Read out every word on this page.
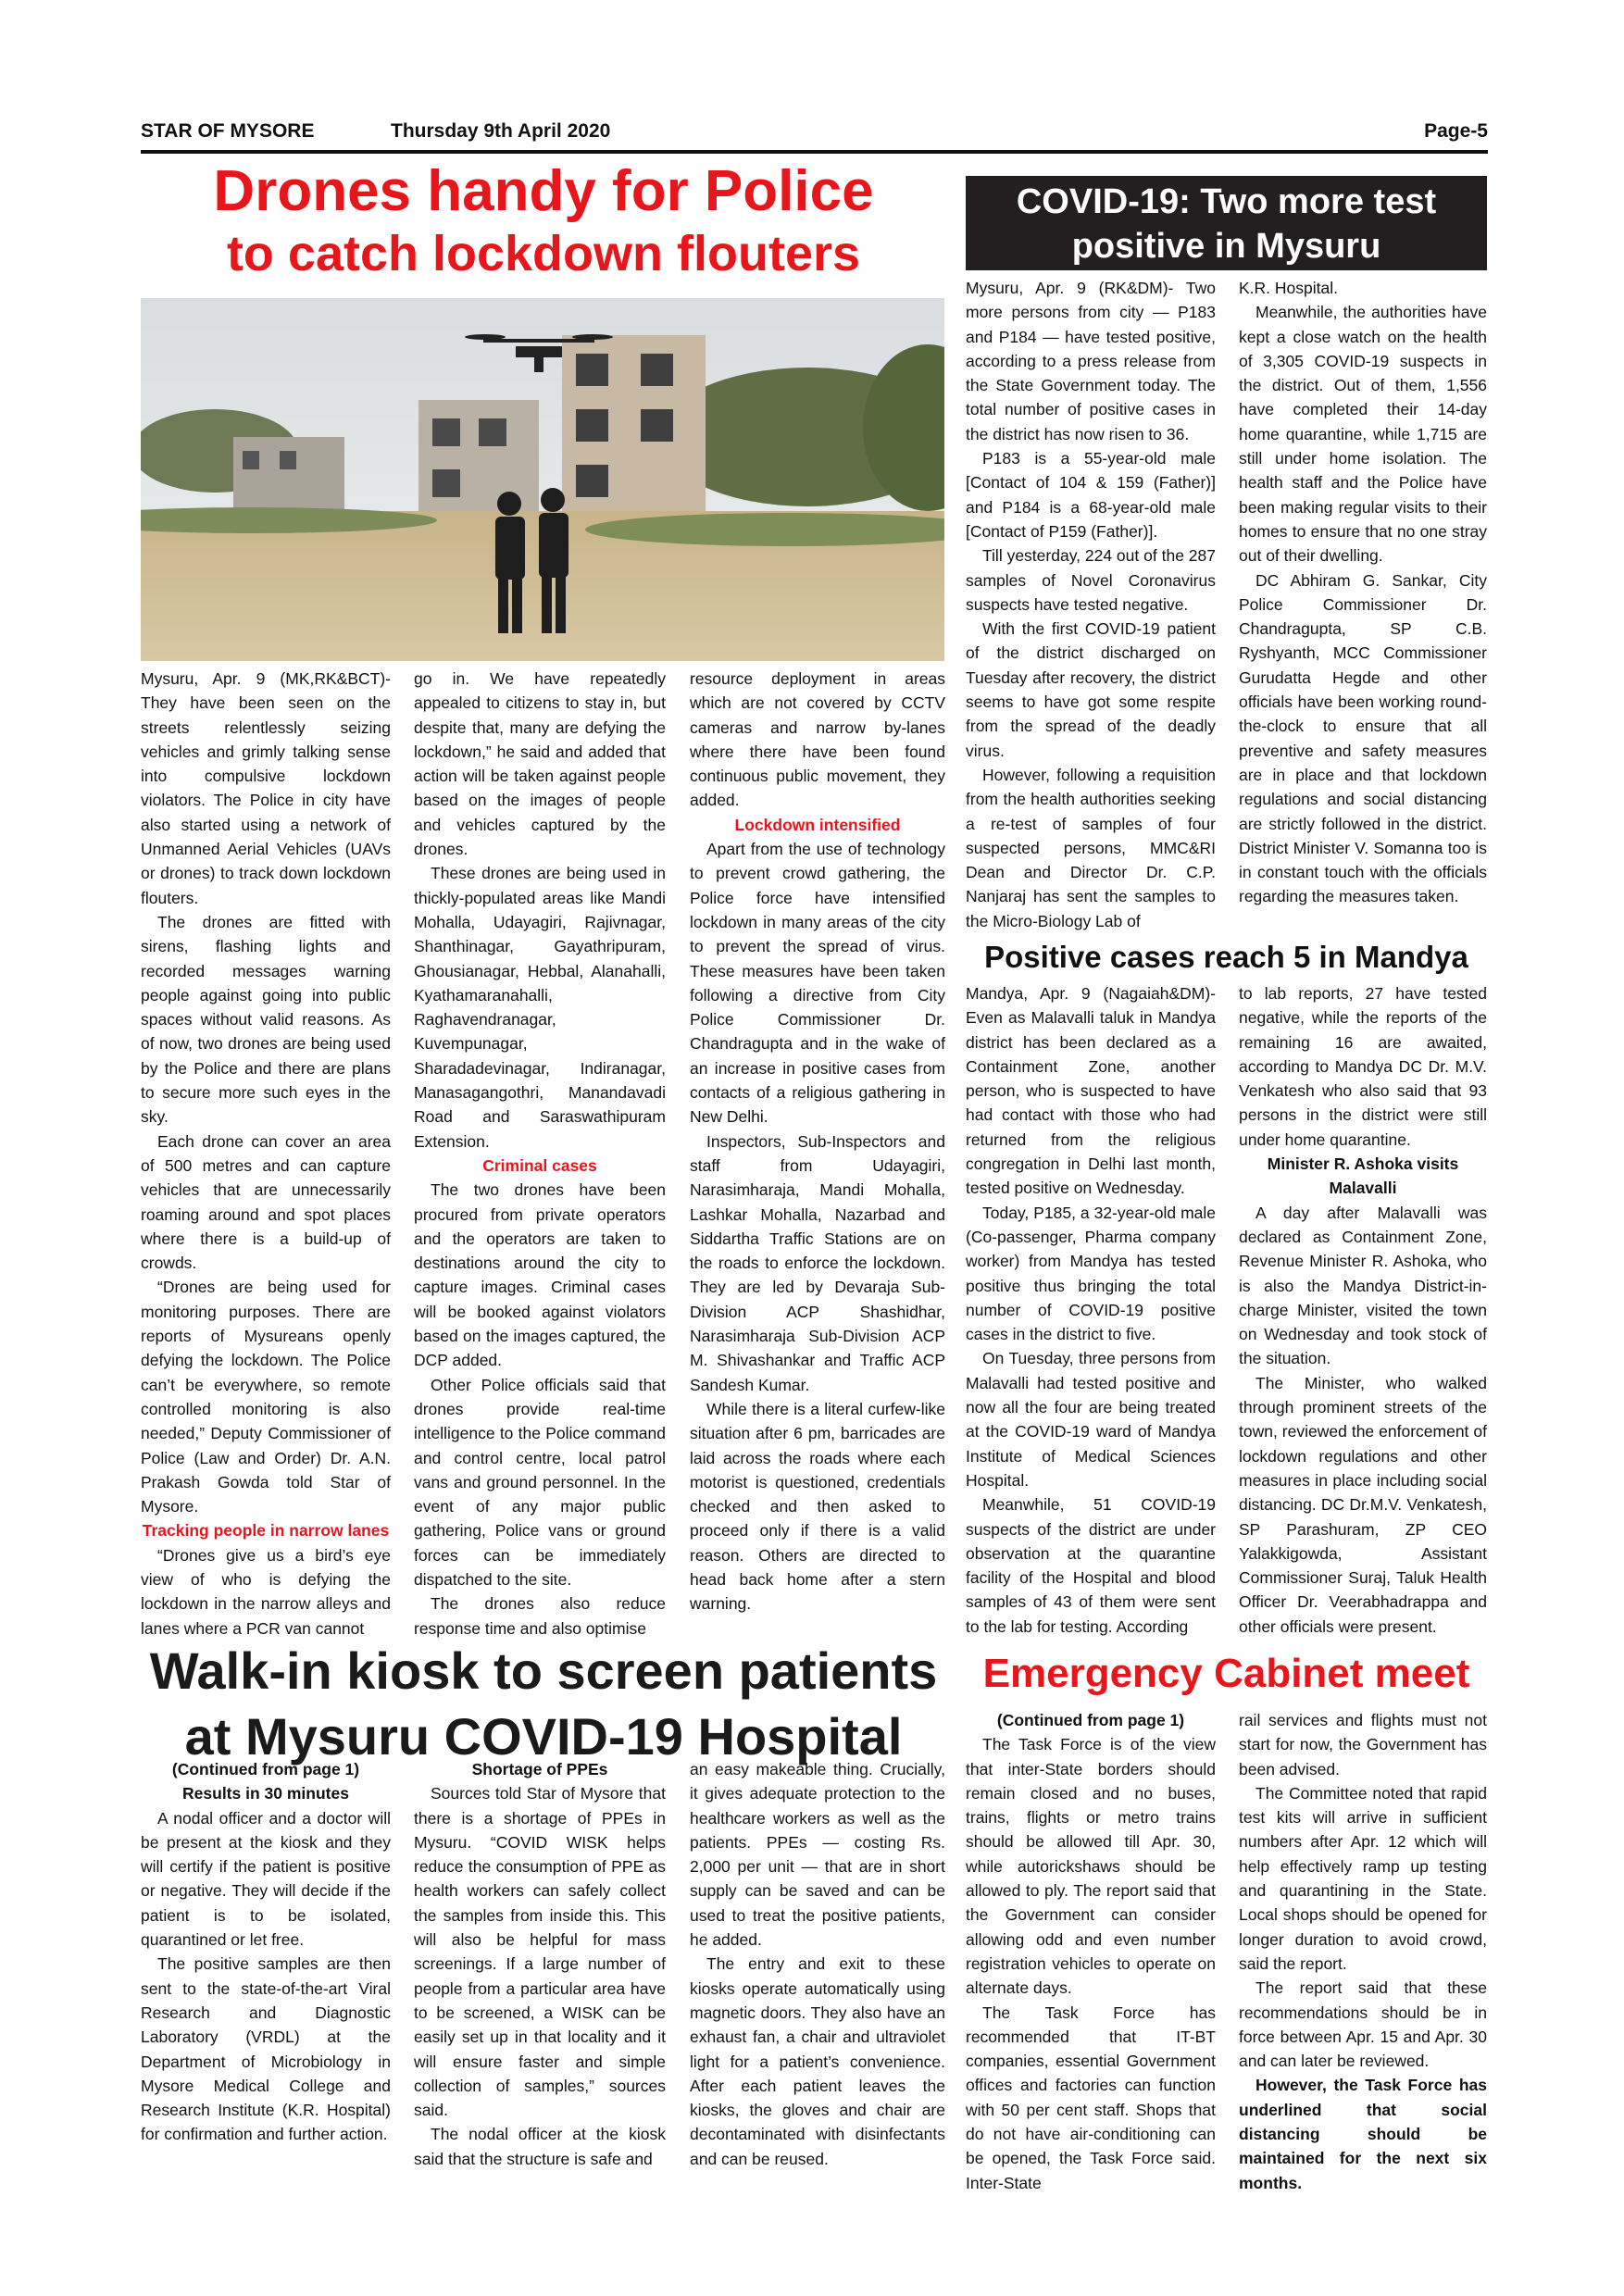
STAR OF MYSORE	Thursday 9th April 2020	Page-5
Drones handy for Police
to catch lockdown flouters
COVID-19: Two more test
positive in Mysuru

Mysuru, Apr. 9 (MK,RK&BCT)- They have been seen on the streets relentlessly seizing vehicles and grimly talking sense into compulsive lockdown violators. The Police in city have also started using a network of Unmanned Aerial Vehicles (UAVs or drones) to track down lockdown flouters.

The drones are fitted with sirens, flashing lights and recorded messages warning people against going into public spaces without valid reasons. As of now, two drones are being used by the Police and there are plans to secure more such eyes in the sky.

Each drone can cover an area of 500 metres and can capture vehicles that are unnecessarily roaming around and spot places where there is a build-up of crowds.

“Drones are being used for monitoring purposes. There are reports of Mysureans openly defying the lockdown. The Police can’t be everywhere, so remote controlled monitoring is also needed,” Deputy Commissioner of Police (Law and Order) Dr. A.N. Prakash Gowda told Star of Mysore.

Tracking people in narrow lanes

“Drones give us a bird’s eye view of who is defying the lockdown in the narrow alleys and lanes where a PCR van cannot

go in. We have repeatedly appealed to citizens to stay in, but despite that, many are defying the lockdown,” he said and added that action will be taken against people based on the images of people and vehicles captured by the drones.

These drones are being used in thickly-populated areas like Mandi Mohalla, Udayagiri, Rajivnagar, Shanthinagar, Gayathripuram, Ghousianagar, Hebbal, Alanahalli, Kyathamaranahalli, Raghavendranagar, Kuvempunagar, Sharadadevinagar, Indiranagar, Manasagangothri, Manandavadi Road and Saraswathipuram Extension.

Criminal cases

The two drones have been procured from private operators and the operators are taken to destinations around the city to capture images. Criminal cases will be booked against violators based on the images captured, the DCP added.

Other Police officials said that drones provide real-time intelligence to the Police command and control centre, local patrol vans and ground personnel. In the event of any major public gathering, Police vans or ground forces can be immediately dispatched to the site.

The drones also reduce response time and also optimise

resource deployment in areas which are not covered by CCTV cameras and narrow by-lanes where there have been found continuous public movement, they added.

Lockdown intensified

Apart from the use of technology to prevent crowd gathering, the Police force have intensified lockdown in many areas of the city to prevent the spread of virus. These measures have been taken following a directive from City Police Commissioner Dr. Chandragupta and in the wake of an increase in positive cases from contacts of a religious gathering in New Delhi.

Inspectors, Sub-Inspectors and staff from Udayagiri, Narasimharaja, Mandi Mohalla, Lashkar Mohalla, Nazarbad and Siddartha Traffic Stations are on the roads to enforce the lockdown. They are led by Devaraja Sub-Division ACP Shashidhar, Narasimharaja Sub-Division ACP M. Shivashankar and Traffic ACP Sandesh Kumar.

While there is a literal curfew-like situation after 6 pm, barricades are laid across the roads where each motorist is questioned, credentials checked and then asked to proceed only if there is a valid reason. Others are directed to head back home after a stern warning.

Mysuru, Apr. 9 (RK&DM)- Two more persons from city — P183 and P184 — have tested positive, according to a press release from the State Government today. The total number of positive cases in the district has now risen to 36.

P183 is a 55-year-old male [Contact of 104 & 159 (Father)] and P184 is a 68-year-old male [Contact of P159 (Father)].

Till yesterday, 224 out of the 287 samples of Novel Coronavirus suspects have tested negative.

With the first COVID-19 patient of the district discharged on Tuesday after recovery, the district seems to have got some respite from the spread of the deadly virus.

However, following a requisition from the health authorities seeking a re-test of samples of four suspected persons, MMC&RI Dean and Director Dr. C.P. Nanjaraj has sent the samples to the Micro-Biology Lab of

K.R. Hospital.

Meanwhile, the authorities have kept a close watch on the health of 3,305 COVID-19 suspects in the district. Out of them, 1,556 have completed their 14-day home quarantine, while 1,715 are still under home isolation. The health staff and the Police have been making regular visits to their homes to ensure that no one stray out of their dwelling.

DC Abhiram G. Sankar, City Police Commissioner Dr. Chandragupta, SP C.B. Ryshyanth, MCC Commissioner Gurudatta Hegde and other officials have been working round-the-clock to ensure that all preventive and safety measures are in place and that lockdown regulations and social distancing are strictly followed in the district. District Minister V. Somanna too is in constant touch with the officials regarding the measures taken.

Positive cases reach 5 in Mandya

Mandya, Apr. 9 (Nagaiah&DM)- Even as Malavalli taluk in Mandya district has been declared as a Containment Zone, another person, who is suspected to have had contact with those who had returned from the religious congregation in Delhi last month, tested positive on Wednesday.

Today, P185, a 32-year-old male (Co-passenger, Pharma company worker) from Mandya has tested positive thus bringing the total number of COVID-19 positive cases in the district to five.

On Tuesday, three persons from Malavalli had tested positive and now all the four are being treated at the COVID-19 ward of Mandya Institute of Medical Sciences Hospital.

Meanwhile, 51 COVID-19 suspects of the district are under observation at the quarantine facility of the Hospital and blood samples of 43 of them were sent to the lab for testing. According

to lab reports, 27 have tested negative, while the reports of the remaining 16 are awaited, according to Mandya DC Dr. M.V. Venkatesh who also said that 93 persons in the district were still under home quarantine.

Minister R. Ashoka visits Malavalli

A day after Malavalli was declared as Containment Zone, Revenue Minister R. Ashoka, who is also the Mandya District-in-charge Minister, visited the town on Wednesday and took stock of the situation.

The Minister, who walked through prominent streets of the town, reviewed the enforcement of lockdown regulations and other measures in place including social distancing. DC Dr.M.V. Venkatesh, SP Parashuram, ZP CEO Yalakkigowda, Assistant Commissioner Suraj, Taluk Health Officer Dr. Veerabhadrappa and other officials were present.

Walk-in kiosk to screen patients
at Mysuru COVID-19 Hospital
(Continued from page 1)
Results in 30 minutes

A nodal officer and a doctor will be present at the kiosk and they will certify if the patient is positive or negative. They will decide if the patient is to be isolated, quarantined or let free.

The positive samples are then sent to the state-of-the-art Viral Research and Diagnostic Laboratory (VRDL) at the Department of Microbiology in Mysore Medical College and Research Institute (K.R. Hospital) for confirmation and further action.

Shortage of PPEs

Sources told Star of Mysore that there is a shortage of PPEs in Mysuru. “COVID WISK helps reduce the consumption of PPE as health workers can safely collect the samples from inside this. This will also be helpful for mass screenings. If a large number of people from a particular area have to be screened, a WISK can be easily set up in that locality and it will ensure faster and simple collection of samples,” sources said.

The nodal officer at the kiosk said that the structure is safe and

an easy makeable thing. Crucially, it gives adequate protection to the healthcare workers as well as the patients. PPEs — costing Rs. 2,000 per unit — that are in short supply can be saved and can be used to treat the positive patients, he added.

The entry and exit to these kiosks operate automatically using magnetic doors. They also have an exhaust fan, a chair and ultraviolet light for a patient’s convenience. After each patient leaves the kiosks, the gloves and chair are decontaminated with disinfectants and can be reused.

Emergency Cabinet meet
(Continued from page 1)

The Task Force is of the view that inter-State borders should remain closed and no buses, trains, flights or metro trains should be allowed till Apr. 30, while autorickshaws should be allowed to ply. The report said that the Government can consider allowing odd and even number registration vehicles to operate on alternate days.

The Task Force has recommended that IT-BT companies, essential Government offices and factories can function with 50 per cent staff. Shops that do not have air-conditioning can be opened, the Task Force said. Inter-State

rail services and flights must not start for now, the Government has been advised.

The Committee noted that rapid test kits will arrive in sufficient numbers after Apr. 12 which will help effectively ramp up testing and quarantining in the State. Local shops should be opened for longer duration to avoid crowd, said the report.

The report said that these recommendations should be in force between Apr. 15 and Apr. 30 and can later be reviewed.

However, the Task Force has underlined that social distancing should be maintained for the next six months.
